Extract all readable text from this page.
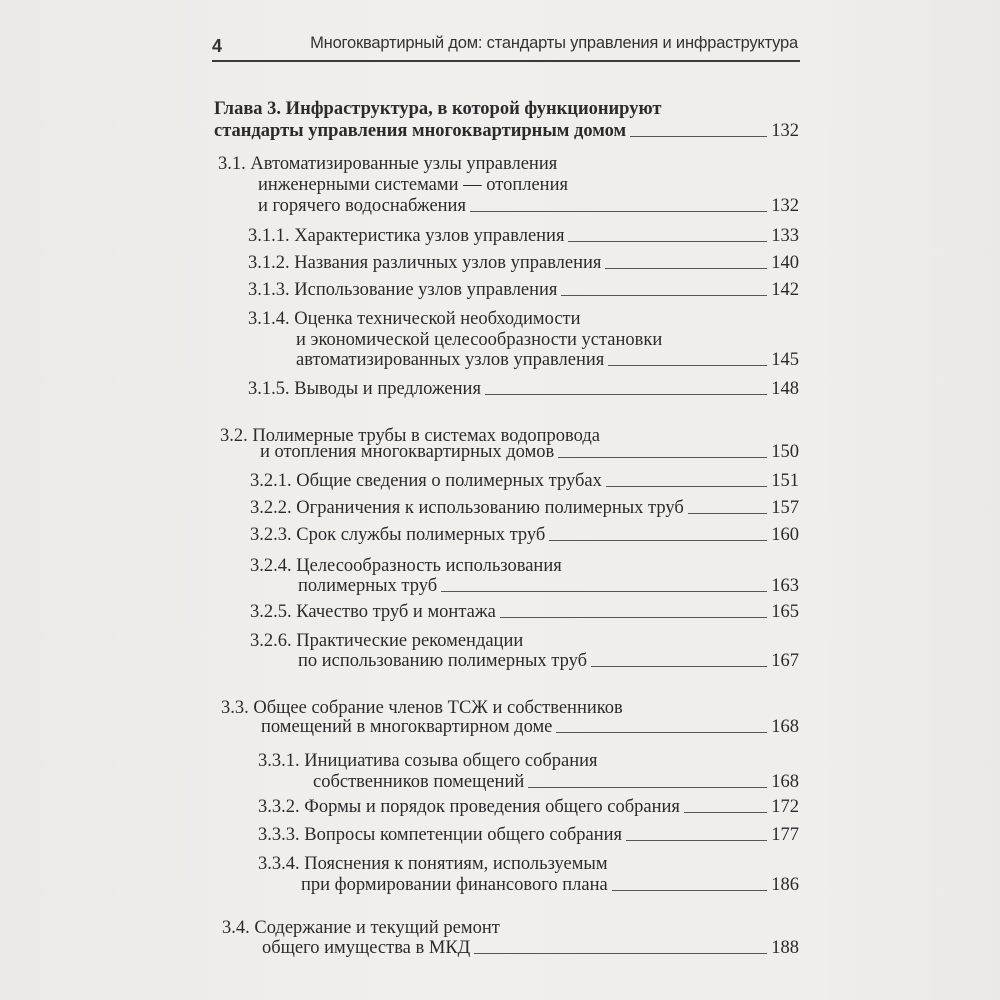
4	Многоквартирный дом: стандарты управления и инфраструктура
Глава 3. Инфраструктура, в которой функционируют
стандарты управления многоквартирным домом	132
3.1. Автоматизированные узлы управления
инженерными системами — отопления
и горячего водоснабжения	132
3.1.1. Характеристика узлов управления	133
3.1.2. Названия различных узлов управления	140
3.1.3. Использование узлов управления	142
3.1.4. Оценка технической необходимости
и экономической целесообразности установки
автоматизированных узлов управления	145
3.1.5. Выводы и предложения	148
3.2. Полимерные трубы в системах водопровода
и отопления многоквартирных домов	150
3.2.1. Общие сведения о полимерных трубах	151
3.2.2. Ограничения к использованию полимерных труб	157
3.2.3. Срок службы полимерных труб	160
3.2.4. Целесообразность использования
полимерных труб	163
3.2.5. Качество труб и монтажа	165
3.2.6. Практические рекомендации
по использованию полимерных труб	167
3.3. Общее собрание членов ТСЖ и собственников
помещений в многоквартирном доме	168
3.3.1. Инициатива созыва общего собрания
собственников помещений	168
3.3.2. Формы и порядок проведения общего собрания	172
3.3.3. Вопросы компетенции общего собрания	177
3.3.4. Пояснения к понятиям, используемым
при формировании финансового плана	186
3.4. Содержание и текущий ремонт
общего имущества в МКД	188
